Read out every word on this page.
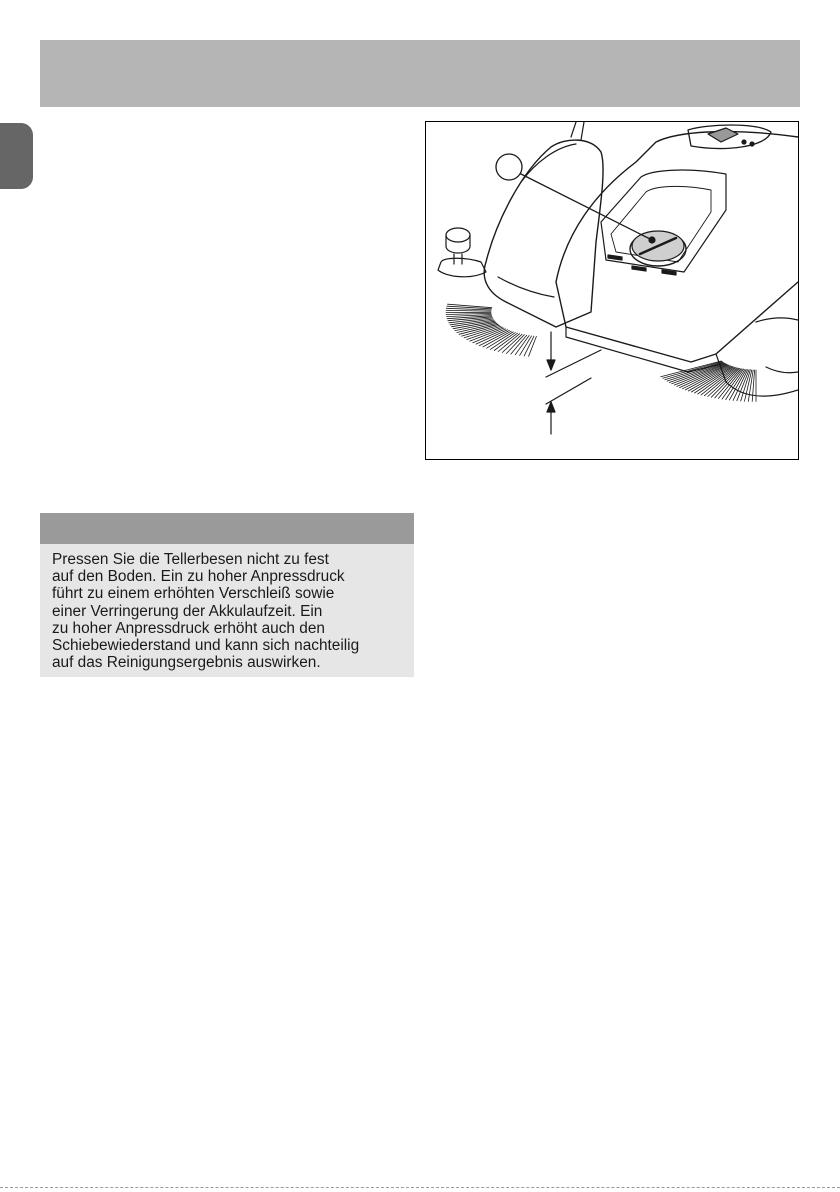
Pressen Sie die Tellerbesen nicht zu fest
auf den Boden. Ein zu hoher Anpressdruck
führt zu einem erhöhten Verschleiß sowie
einer Verringerung der Akkulaufzeit. Ein
zu hoher Anpressdruck erhöht auch den
Schiebewiederstand und kann sich nachteilig
auf das Reinigungsergebnis auswirken.
